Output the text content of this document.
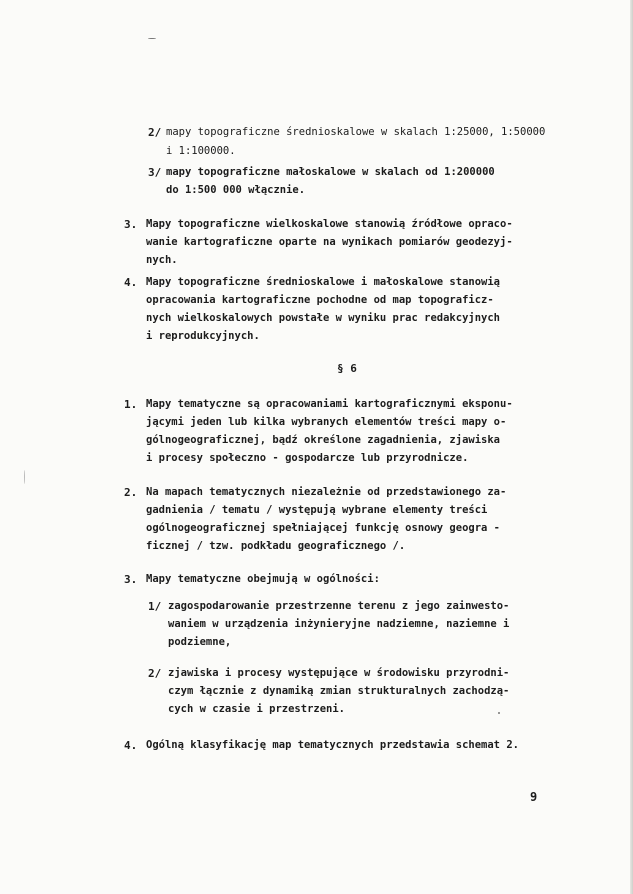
2/ mapy topograficzne średnioskalowe w skalach 1:25000, 1:50000
i 1:100000.
3/ mapy topograficzne małoskalowe w skalach od 1:200000
do 1:500 000 włącznie.
3. Mapy topograficzne wielkoskalowe stanowią źródłowe opraco-
wanie kartograficzne oparte na wynikach pomiarów geodezyj-
nych.
4. Mapy topograficzne średnioskalowe i małoskalowe stanowią
opracowania kartograficzne pochodne od map topograficz-
nych wielkoskalowych powstałe w wyniku prac redakcyjnych
i reprodukcyjnych.
§ 6
1. Mapy tematyczne są opracowaniami kartograficznymi eksponu-
jącymi jeden lub kilka wybranych elementów treści mapy o-
gólnogeograficznej, bądź określone zagadnienia, zjawiska
i procesy społeczno - gospodarcze lub przyrodnicze.
2. Na mapach tematycznych niezależnie od przedstawionego za-
gadnienia / tematu / występują wybrane elementy treści
ogólnogeograficznej spełniającej funkcję osnowy geogra -
ficznej / tzw. podkładu geograficznego /.
3. Mapy tematyczne obejmują w ogólności:
1/ zagospodarowanie przestrzenne terenu z jego zainwesto-
waniem w urządzenia inżynieryjne nadziemne, naziemne i
podziemne,
2/ zjawiska i procesy występujące w środowisku przyrodni-
czym łącznie z dynamiką zmian strukturalnych zachodzą-
cych w czasie i przestrzeni.
4. Ogólną klasyfikację map tematycznych przedstawia schemat 2.
9
